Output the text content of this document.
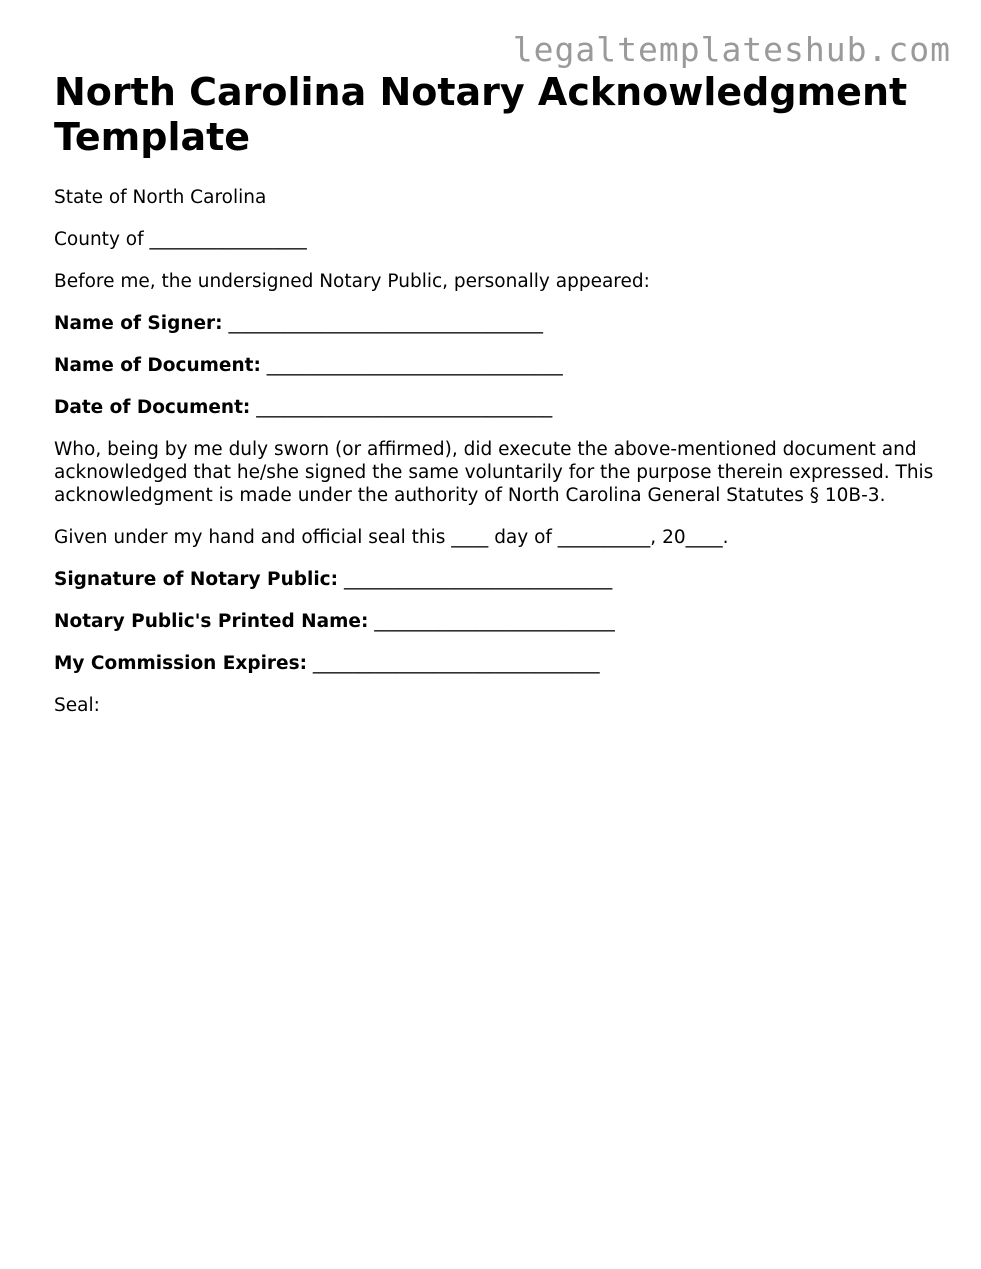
legaltemplateshub.com
North Carolina Notary Acknowledgment Template

State of North Carolina

County of _________________

Before me, the undersigned Notary Public, personally appeared:

Name of Signer: __________________________________

Name of Document: ________________________________

Date of Document: ________________________________

Who, being by me duly sworn (or affirmed), did execute the above-mentioned document and acknowledged that he/she signed the same voluntarily for the purpose therein expressed. This acknowledgment is made under the authority of North Carolina General Statutes § 10B-3.

Given under my hand and official seal this ____ day of __________, 20____.

Signature of Notary Public: _____________________________

Notary Public's Printed Name: __________________________

My Commission Expires: _______________________________

Seal:
